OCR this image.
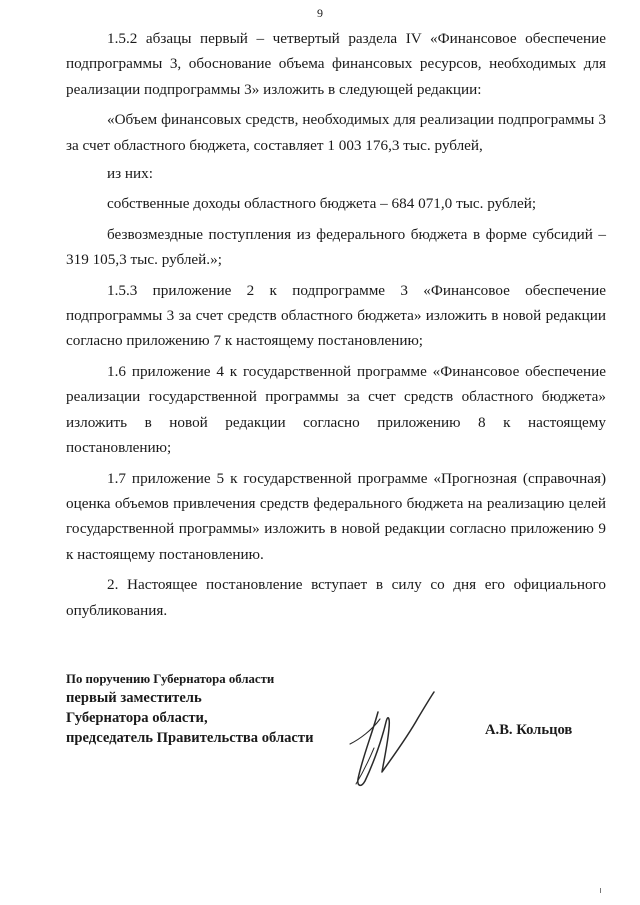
9

1.5.2 абзацы первый – четвертый раздела IV «Финансовое обеспечение подпрограммы 3, обоснование объема финансовых ресурсов, необходимых для реализации подпрограммы 3» изложить в следующей редакции:

«Объем финансовых средств, необходимых для реализации подпрограммы 3 за счет областного бюджета, составляет 1 003 176,3 тыс. рублей,

из них:

собственные доходы областного бюджета – 684 071,0 тыс. рублей;

безвозмездные поступления из федерального бюджета в форме субсидий – 319 105,3 тыс. рублей.»;

1.5.3 приложение 2 к подпрограмме 3 «Финансовое обеспечение подпрограммы 3 за счет средств областного бюджета» изложить в новой редакции согласно приложению 7 к настоящему постановлению;

1.6 приложение 4 к государственной программе «Финансовое обеспечение реализации государственной программы за счет средств областного бюджета» изложить в новой редакции согласно приложению 8 к настоящему

постановлению;

1.7 приложение 5 к государственной программе «Прогнозная (справочная) оценка объемов привлечения средств федерального бюджета на реализацию целей государственной программы» изложить в новой редакции согласно приложению 9 к настоящему постановлению.

2. Настоящее постановление вступает в силу со дня его официального опубликования.

По поручению Губернатора области
первый заместитель
Губернатора области,
председатель Правительства области	А.В. Кольцов
